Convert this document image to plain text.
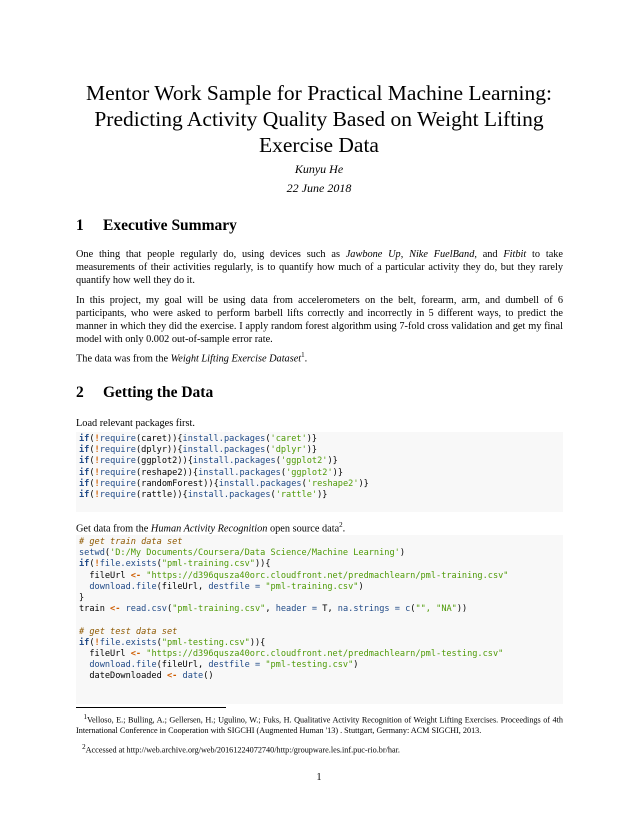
Mentor Work Sample for Practical Machine Learning: Predicting Activity Quality Based on Weight Lifting Exercise Data
Kunyu He
22 June 2018
1 Executive Summary
One thing that people regularly do, using devices such as Jawbone Up, Nike FuelBand, and Fitbit to take measurements of their activities regularly, is to quantify how much of a particular activity they do, but they rarely quantify how well they do it.
In this project, my goal will be using data from accelerometers on the belt, forearm, arm, and dumbell of 6 participants, who were asked to perform barbell lifts correctly and incorrectly in 5 different ways, to predict the manner in which they did the exercise. I apply random forest algorithm using 7-fold cross validation and get my final model with only 0.002 out-of-sample error rate.
The data was from the Weight Lifting Exercise Dataset$^1$.
2 Getting the Data
Load relevant packages first.
if(!require(caret)){install.packages('caret')}
if(!require(dplyr)){install.packages('dplyr')}
if(!require(ggplot2)){install.packages('ggplot2')}
if(!require(reshape2)){install.packages('ggplot2')}
if(!require(randomForest)){install.packages('reshape2')}
if(!require(rattle)){install.packages('rattle')}
Get data from the Human Activity Recognition open source data$^2$.
# get train data set
setwd('D:/My Documents/Coursera/Data Science/Machine Learning')
if(!file.exists("pml-training.csv")){
fileUrl <- "https://d396qusza40orc.cloudfront.net/predmachlearn/pml-training.csv"
download.file(fileUrl, destfile = "pml-training.csv")
}
train <- read.csv("pml-training.csv", header = T, na.strings = c("", "NA"))

# get test data set
if(!file.exists("pml-testing.csv")){
fileUrl <- "https://d396qusza40orc.cloudfront.net/predmachlearn/pml-testing.csv"
download.file(fileUrl, destfile = "pml-testing.csv")
dateDownloaded <- date()
$^1$Velloso, E.; Bulling, A.; Gellersen, H.; Ugulino, W.; Fuks, H. Qualitative Activity Recognition of Weight Lifting Exercises. Proceedings of 4th International Conference in Cooperation with SIGCHI (Augmented Human '13) . Stuttgart, Germany: ACM SIGCHI, 2013.
$^2$Accessed at http://web.archive.org/web/20161224072740/http:/groupware.les.inf.puc-rio.br/har.
1
